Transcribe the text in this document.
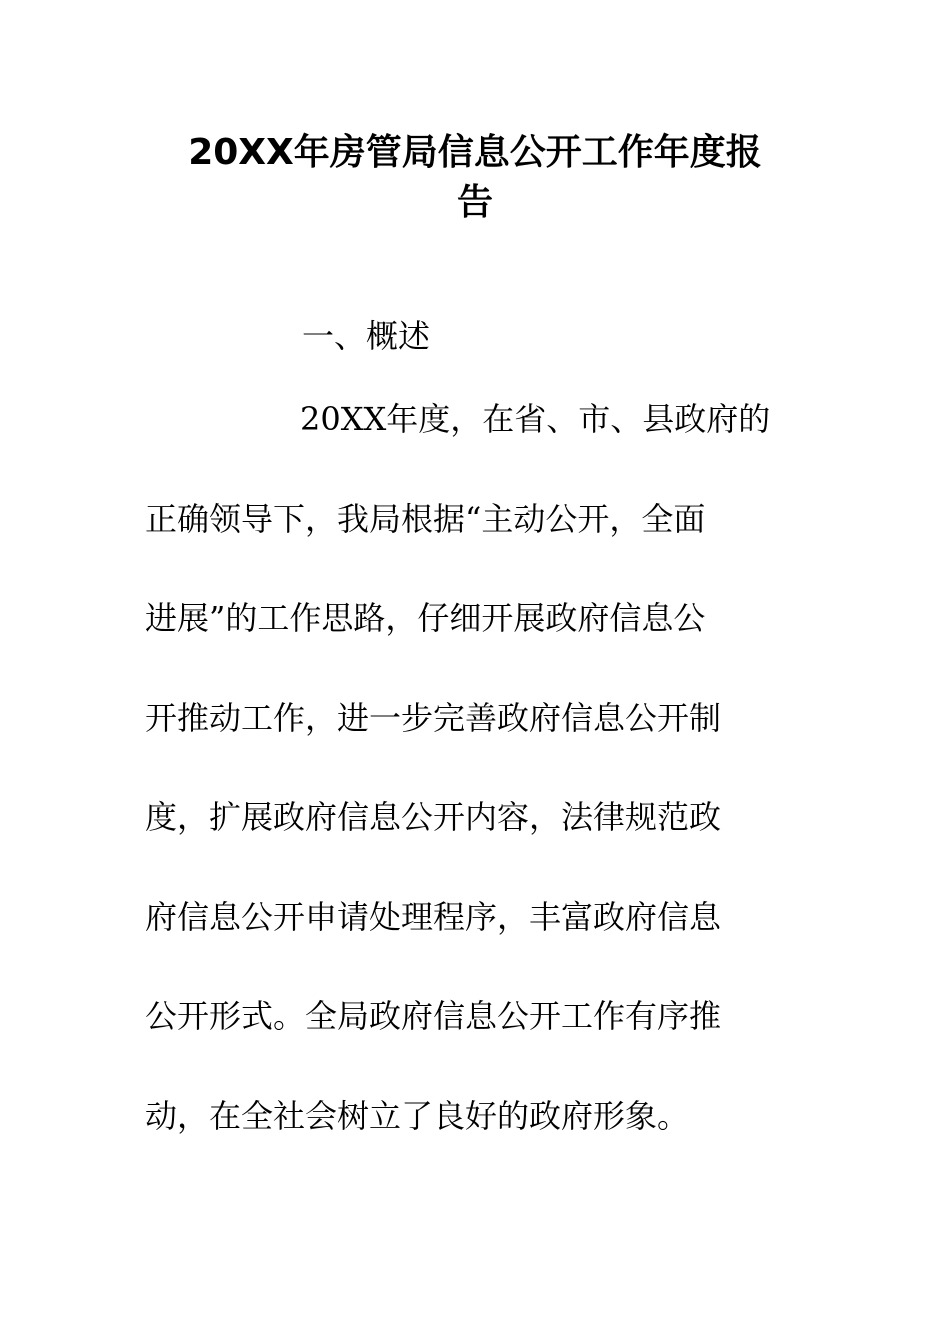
20XX年房管局信息公开工作年度报
告

一、概述

20XX年度，在省、市、县政府的

正确领导下，我局根据“主动公开，全面

进展”的工作思路，仔细开展政府信息公

开推动工作，进一步完善政府信息公开制

度，扩展政府信息公开内容，法律规范政

府信息公开申请处理程序，丰富政府信息

公开形式。全局政府信息公开工作有序推

动，在全社会树立了良好的政府形象。
